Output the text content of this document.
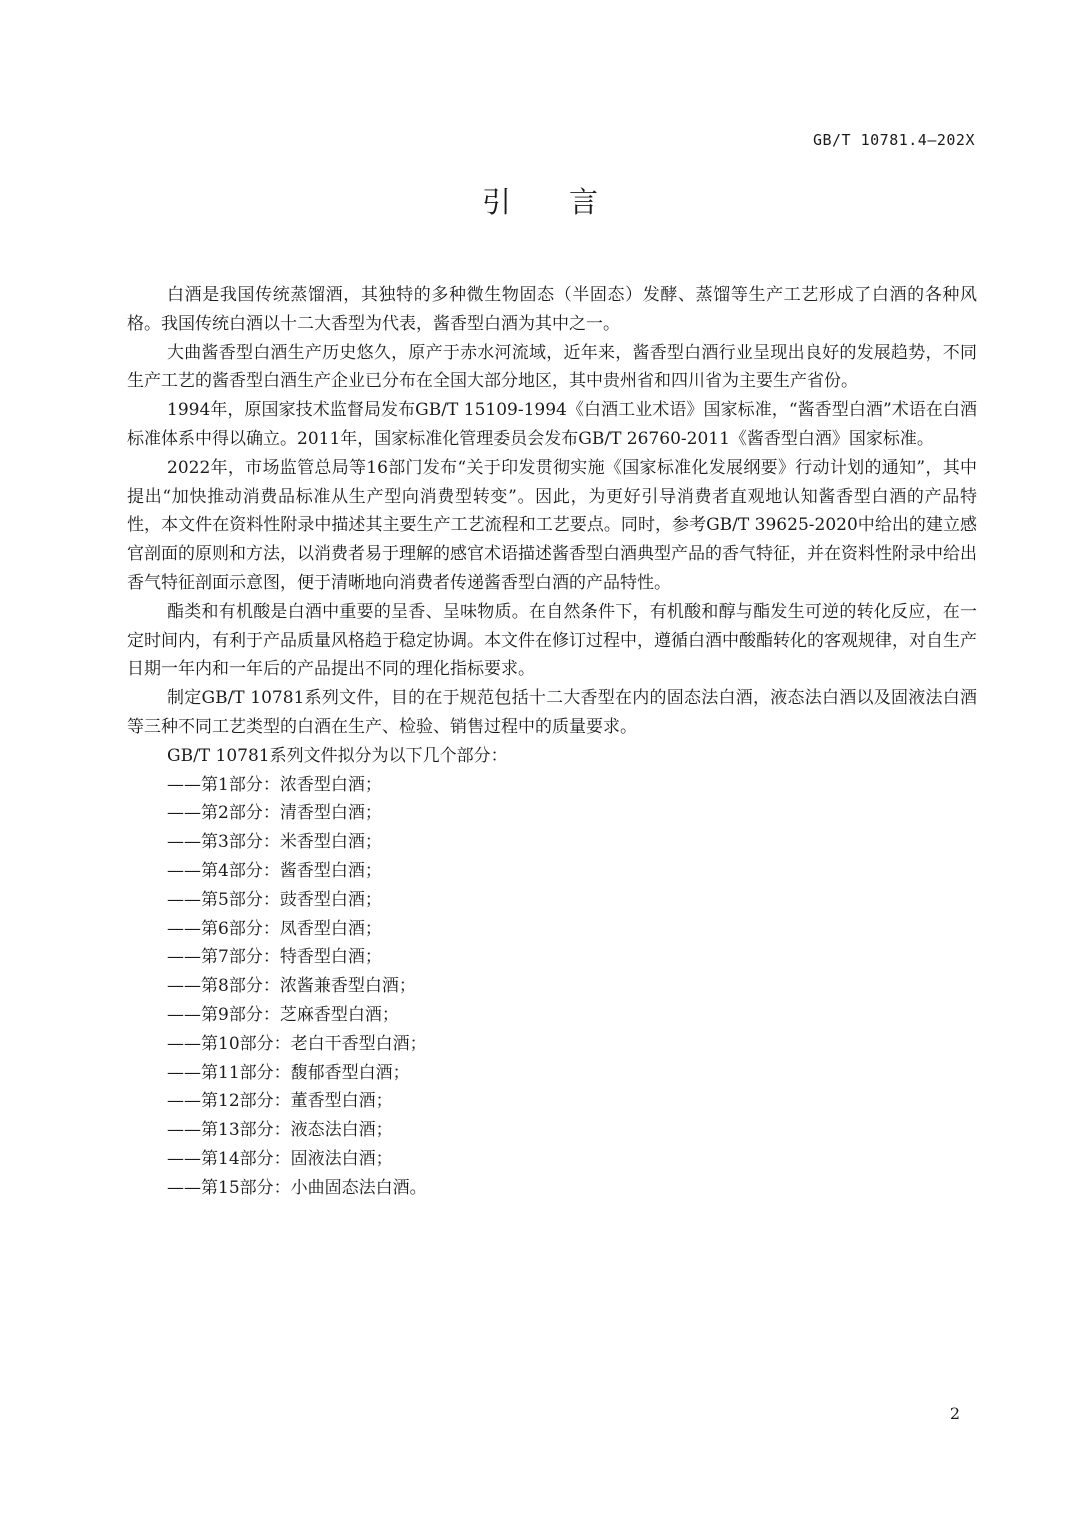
GB/T 10781.4—202X
引言

白酒是我国传统蒸馏酒，其独特的多种微生物固态（半固态）发酵、蒸馏等生产工艺形成了白酒的各种风格。我国传统白酒以十二大香型为代表，酱香型白酒为其中之一。

大曲酱香型白酒生产历史悠久，原产于赤水河流域，近年来，酱香型白酒行业呈现出良好的发展趋势，不同生产工艺的酱香型白酒生产企业已分布在全国大部分地区，其中贵州省和四川省为主要生产省份。

1994年，原国家技术监督局发布GB/T 15109-1994《白酒工业术语》国家标准，“酱香型白酒”术语在白酒标准体系中得以确立。2011年，国家标准化管理委员会发布GB/T 26760-2011《酱香型白酒》国家标准。

2022年，市场监管总局等16部门发布“关于印发贯彻实施《国家标准化发展纲要》行动计划的通知”，其中提出“加快推动消费品标准从生产型向消费型转变”。因此，为更好引导消费者直观地认知酱香型白酒的产品特性，本文件在资料性附录中描述其主要生产工艺流程和工艺要点。同时，参考GB/T 39625-2020中给出的建立感官剖面的原则和方法，以消费者易于理解的感官术语描述酱香型白酒典型产品的香气特征，并在资料性附录中给出香气特征剖面示意图，便于清晰地向消费者传递酱香型白酒的产品特性。

酯类和有机酸是白酒中重要的呈香、呈味物质。在自然条件下，有机酸和醇与酯发生可逆的转化反应，在一定时间内，有利于产品质量风格趋于稳定协调。本文件在修订过程中，遵循白酒中酸酯转化的客观规律，对自生产日期一年内和一年后的产品提出不同的理化指标要求。

制定GB/T 10781系列文件，目的在于规范包括十二大香型在内的固态法白酒，液态法白酒以及固液法白酒等三种不同工艺类型的白酒在生产、检验、销售过程中的质量要求。

GB/T 10781系列文件拟分为以下几个部分：

——第1部分：浓香型白酒；
——第2部分：清香型白酒；
——第3部分：米香型白酒；
——第4部分：酱香型白酒；
——第5部分：豉香型白酒；
——第6部分：凤香型白酒；
——第7部分：特香型白酒；
——第8部分：浓酱兼香型白酒；
——第9部分：芝麻香型白酒；
——第10部分：老白干香型白酒；
——第11部分：馥郁香型白酒；
——第12部分：董香型白酒；
——第13部分：液态法白酒；
——第14部分：固液法白酒；
——第15部分：小曲固态法白酒。
2
